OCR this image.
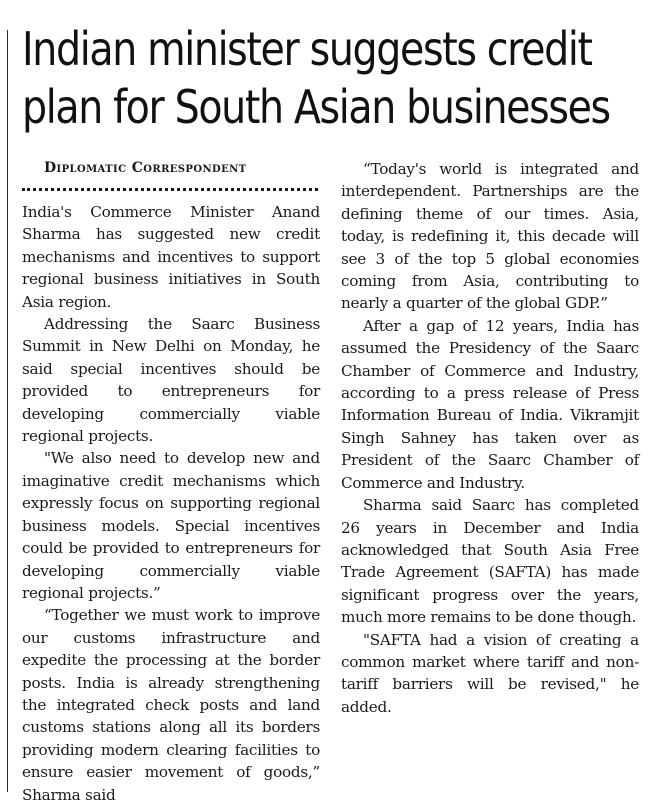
Indian minister suggests credit
plan for South Asian businesses

Diplomatic Correspondent

India's Commerce Minister Anand Sharma has suggested new credit mechanisms and incentives to support regional business initiatives in South Asia region.

Addressing the Saarc Business Summit in New Delhi on Monday, he said special incentives should be provided to entrepreneurs for developing commercially viable regional projects.

"We also need to develop new and imaginative credit mechanisms which expressly focus on supporting regional business models. Special incentives could be provided to entrepreneurs for developing commercially viable regional projects.”

“Together we must work to improve our customs infrastructure and expedite the processing at the border posts. India is already strengthening the integrated check posts and land customs stations along all its borders providing modern clearing facilities to ensure easier movement of goods,” Sharma said

“Today's world is integrated and interdependent. Partnerships are the defining theme of our times. Asia, today, is redefining it, this decade will see 3 of the top 5 global economies coming from Asia, contributing to nearly a quarter of the global GDP.”

After a gap of 12 years, India has assumed the Presidency of the Saarc Chamber of Commerce and Industry, according to a press release of Press Information Bureau of India. Vikramjit Singh Sahney has taken over as President of the Saarc Chamber of Commerce and Industry.

Sharma said Saarc has completed 26 years in December and India acknowledged that South Asia Free Trade Agreement (SAFTA) has made significant progress over the years, much more remains to be done though.

"SAFTA had a vision of creating a common market where tariff and non-tariff barriers will be revised," he added.
